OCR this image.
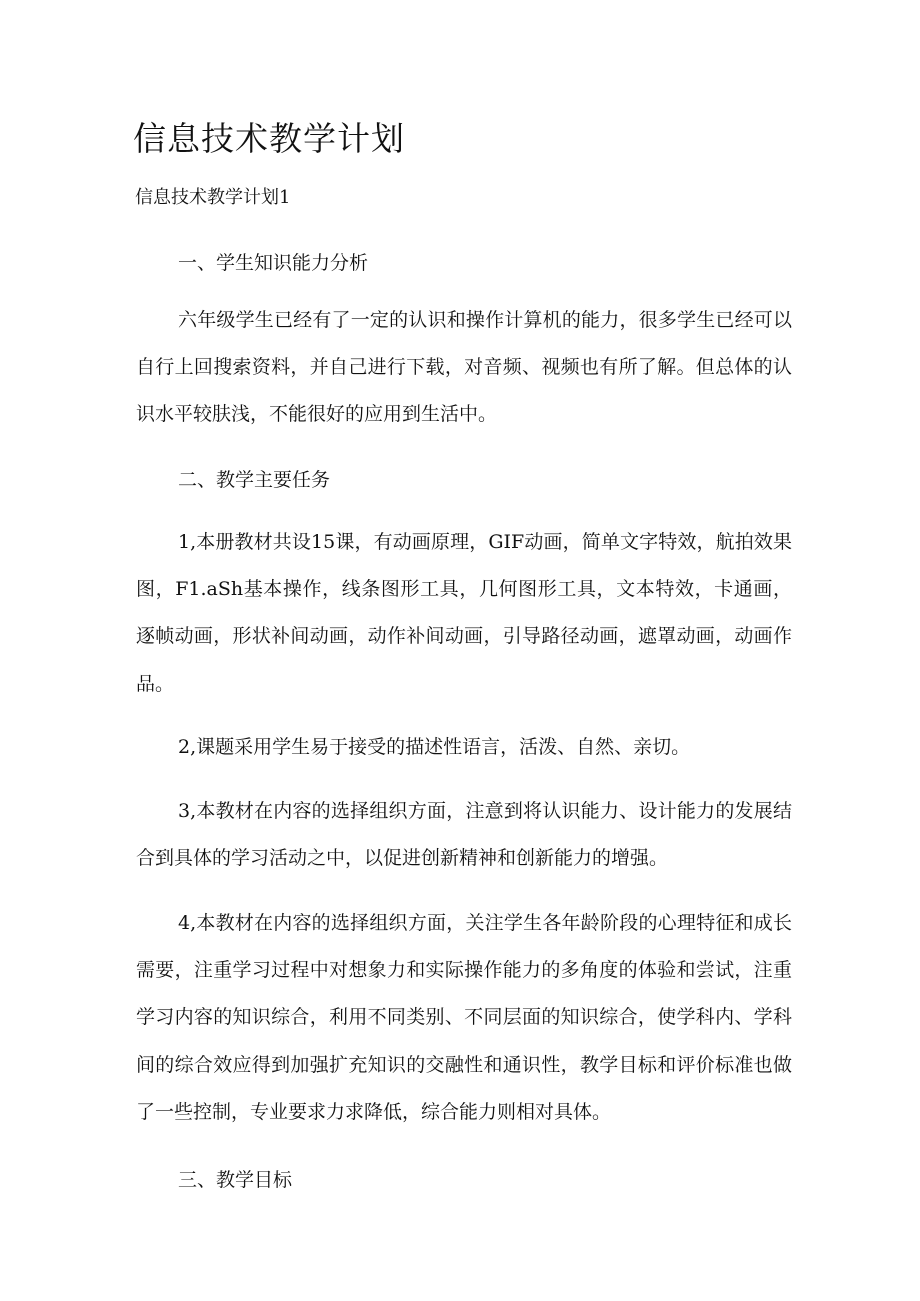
信息技术教学计划

信息技术教学计划1

一、学生知识能力分析

六年级学生已经有了一定的认识和操作计算机的能力，很多学生已经可以自行上回搜索资料，并自己进行下载，对音频、视频也有所了解。但总体的认识水平较肤浅，不能很好的应用到生活中。

二、教学主要任务

1,本册教材共设15课，有动画原理，GIF动画，简单文字特效，航拍效果图，F1.aSh基本操作，线条图形工具，几何图形工具，文本特效，卡通画，逐帧动画，形状补间动画，动作补间动画，引导路径动画，遮罩动画，动画作品。

2,课题采用学生易于接受的描述性语言，活泼、自然、亲切。

3,本教材在内容的选择组织方面，注意到将认识能力、设计能力的发展结合到具体的学习活动之中，以促进创新精神和创新能力的增强。

4,本教材在内容的选择组织方面，关注学生各年龄阶段的心理特征和成长需要，注重学习过程中对想象力和实际操作能力的多角度的体验和尝试，注重学习内容的知识综合，利用不同类别、不同层面的知识综合，使学科内、学科间的综合效应得到加强扩充知识的交融性和通识性，教学目标和评价标准也做了一些控制，专业要求力求降低，综合能力则相对具体。

三、教学目标
